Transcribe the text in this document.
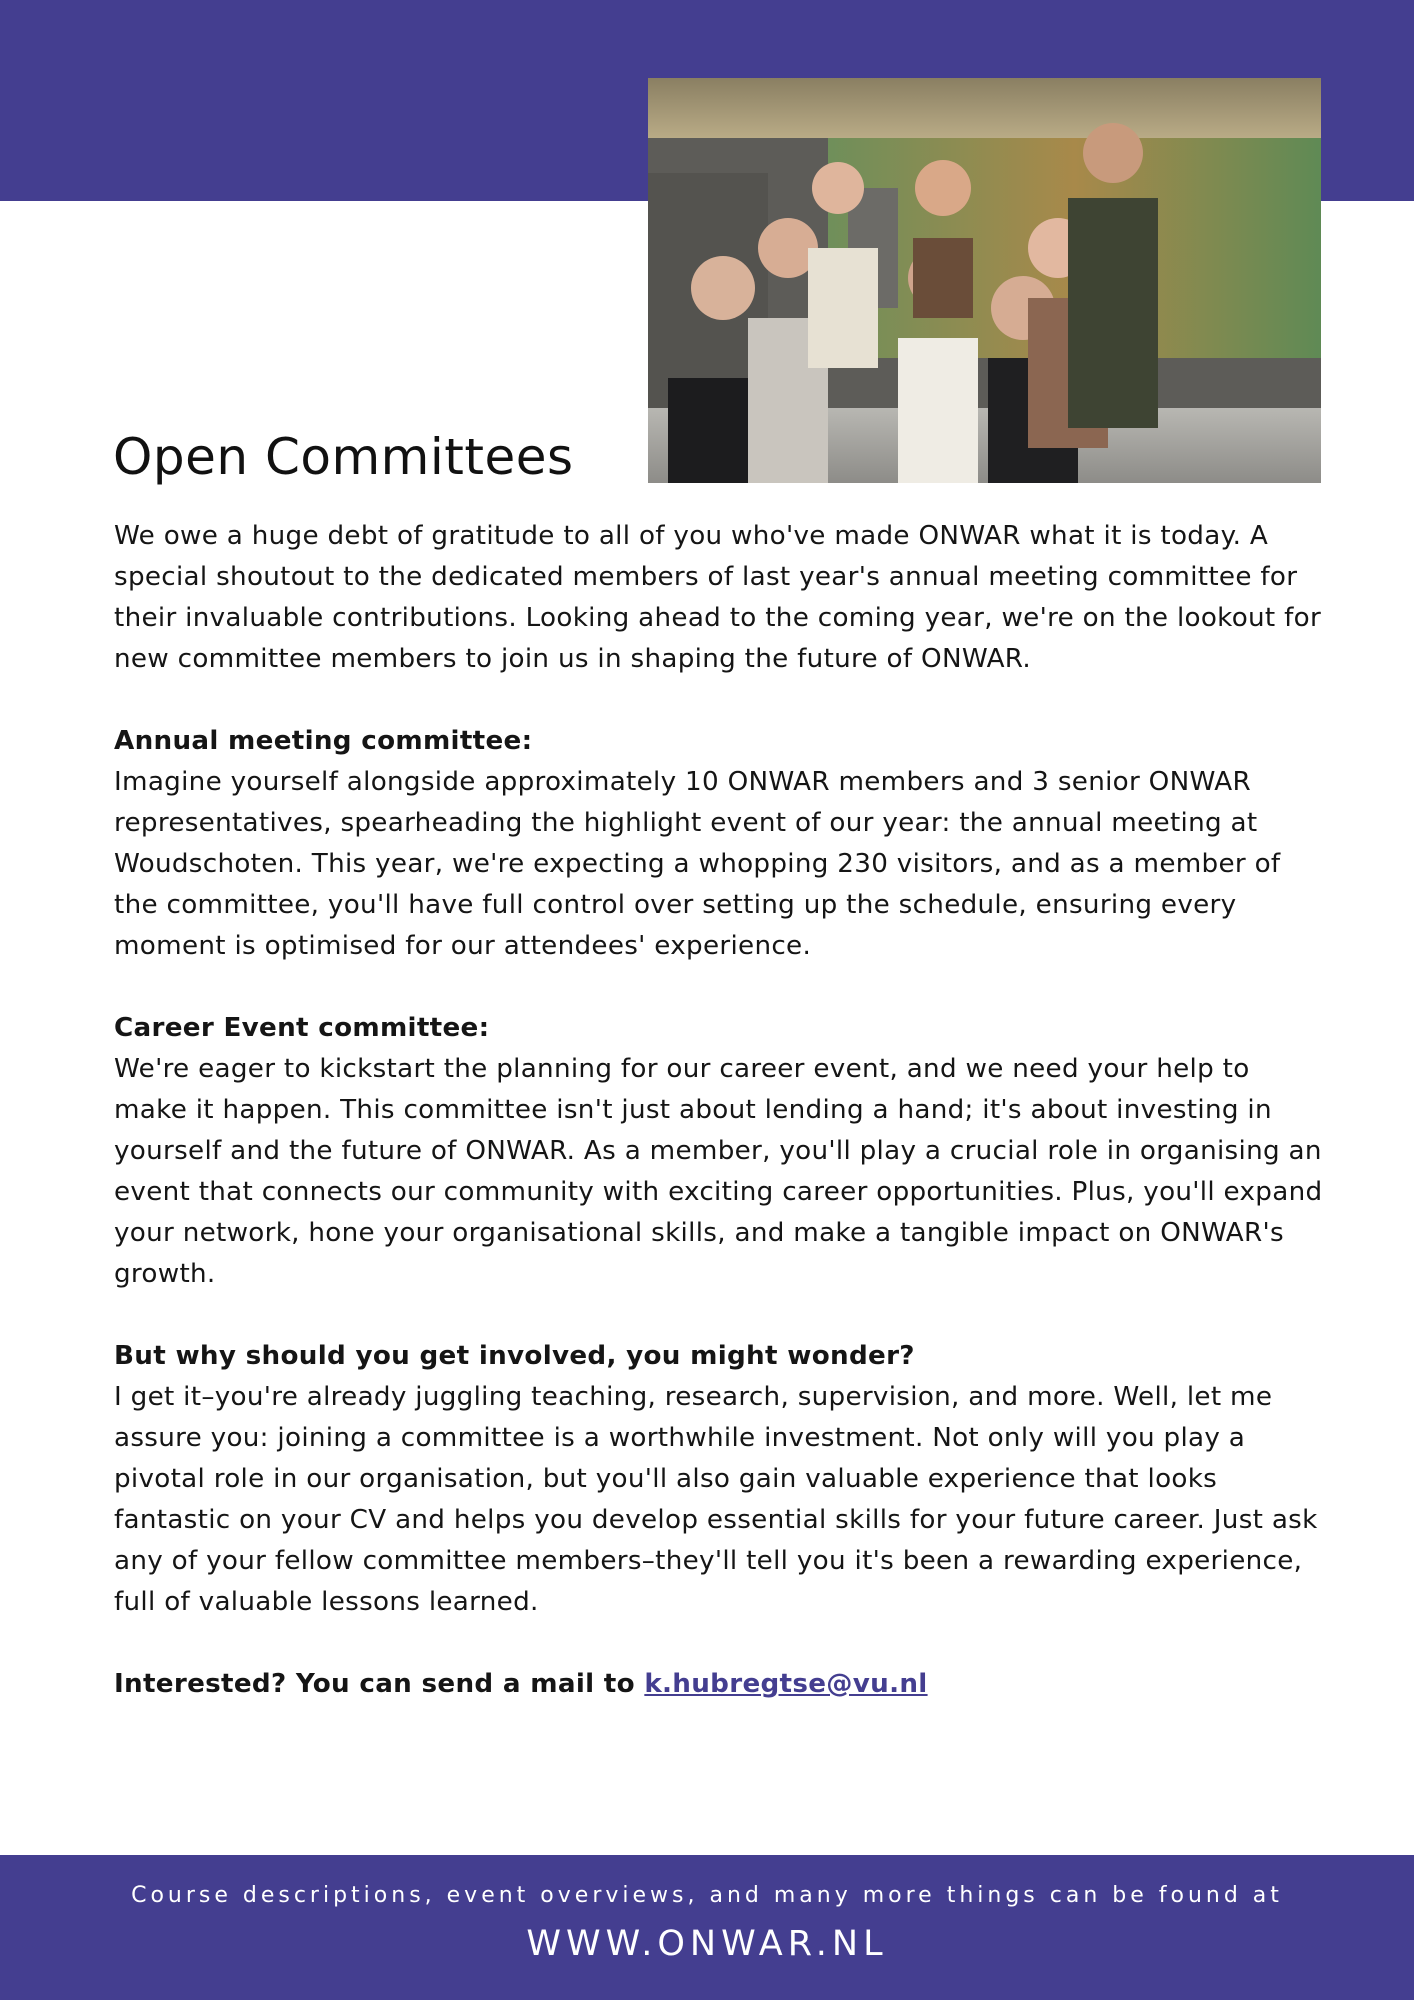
Open Committees

We owe a huge debt of gratitude to all of you who've made ONWAR what it is today. A special shoutout to the dedicated members of last year's annual meeting committee for their invaluable contributions. Looking ahead to the coming year, we're on the lookout for new committee members to join us in shaping the future of ONWAR.

Annual meeting committee:

Imagine yourself alongside approximately 10 ONWAR members and 3 senior ONWAR representatives, spearheading the highlight event of our year: the annual meeting at Woudschoten. This year, we're expecting a whopping 230 visitors, and as a member of the committee, you'll have full control over setting up the schedule, ensuring every moment is optimised for our attendees' experience.

Career Event committee:

We're eager to kickstart the planning for our career event, and we need your help to make it happen. This committee isn't just about lending a hand; it's about investing in yourself and the future of ONWAR. As a member, you'll play a crucial role in organising an event that connects our community with exciting career opportunities. Plus, you'll expand your network, hone your organisational skills, and make a tangible impact on ONWAR's growth.

But why should you get involved, you might wonder?

I get it–you're already juggling teaching, research, supervision, and more. Well, let me assure you: joining a committee is a worthwhile investment. Not only will you play a pivotal role in our organisation, but you'll also gain valuable experience that looks fantastic on your CV and helps you develop essential skills for your future career. Just ask any of your fellow committee members–they'll tell you it's been a rewarding experience, full of valuable lessons learned.

Interested? You can send a mail to k.hubregtse@vu.nl

Course descriptions, event overviews, and many more things can be found at
WWW.ONWAR.NL
